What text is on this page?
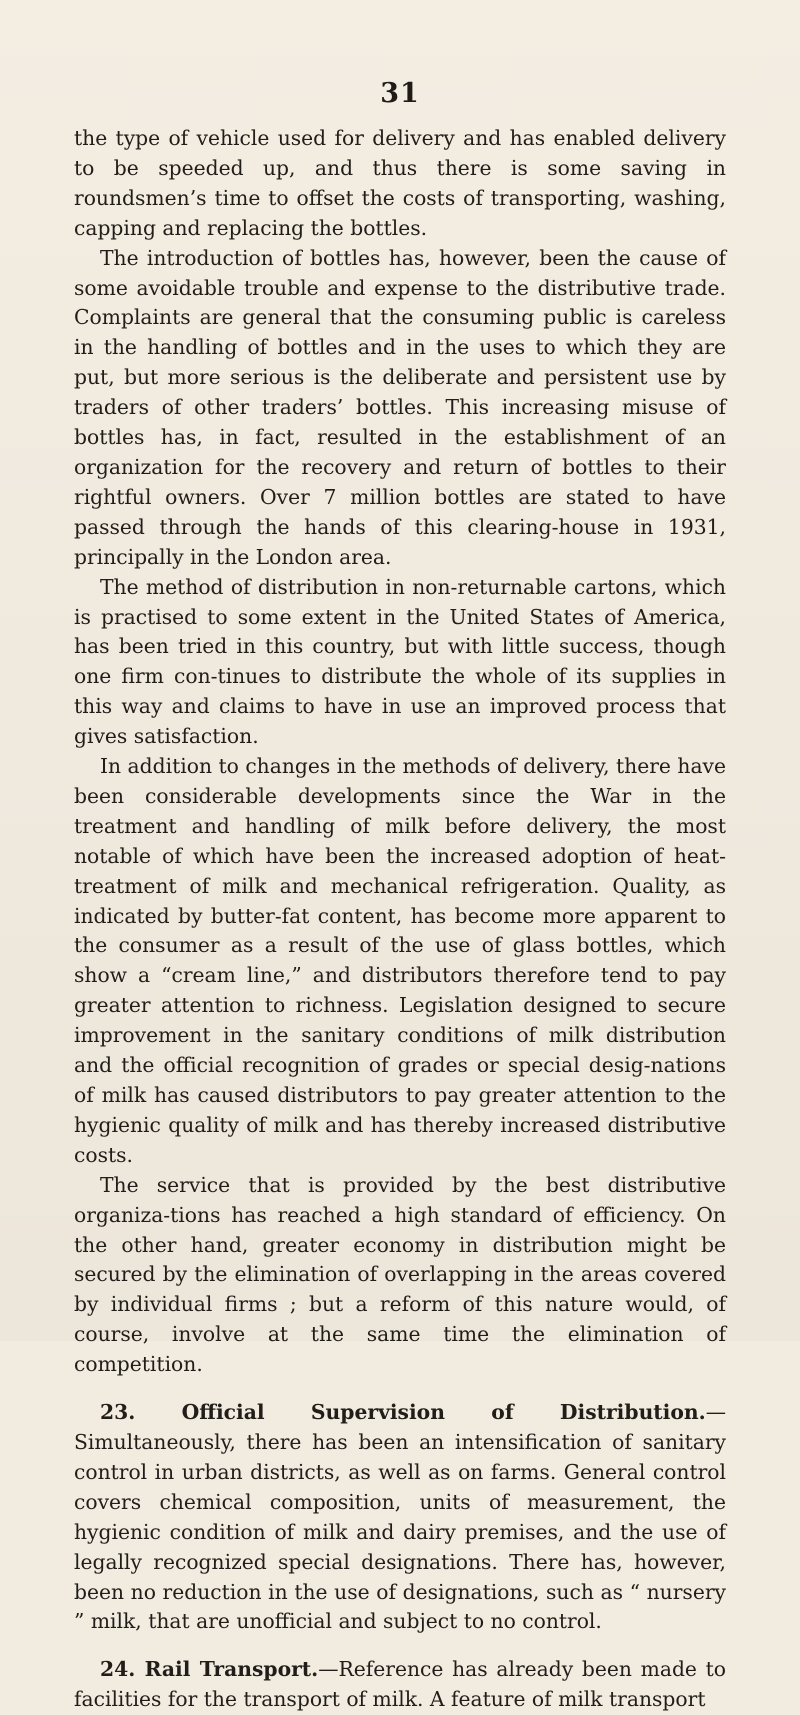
31

the type of vehicle used for delivery and has enabled delivery to be speeded up, and thus there is some saving in roundsmen’s time to offset the costs of transporting, washing, capping and replacing the bottles.

The introduction of bottles has, however, been the cause of some avoidable trouble and expense to the distributive trade. Complaints are general that the consuming public is careless in the handling of bottles and in the uses to which they are put, but more serious is the deliberate and persistent use by traders of other traders’ bottles. This increasing misuse of bottles has, in fact, resulted in the establishment of an organization for the recovery and return of bottles to their rightful owners. Over 7 million bottles are stated to have passed through the hands of this clearing-house in 1931, principally in the London area.

The method of distribution in non-returnable cartons, which is practised to some extent in the United States of America, has been tried in this country, but with little success, though one firm con-tinues to distribute the whole of its supplies in this way and claims to have in use an improved process that gives satisfaction.

In addition to changes in the methods of delivery, there have been considerable developments since the War in the treatment and handling of milk before delivery, the most notable of which have been the increased adoption of heat-treatment of milk and mechanical refrigeration. Quality, as indicated by butter-fat content, has become more apparent to the consumer as a result of the use of glass bottles, which show a “cream line,” and distributors therefore tend to pay greater attention to richness. Legislation designed to secure improvement in the sanitary conditions of milk distribution and the official recognition of grades or special desig-nations of milk has caused distributors to pay greater attention to the hygienic quality of milk and has thereby increased distributive costs.

The service that is provided by the best distributive organiza-tions has reached a high standard of efficiency. On the other hand, greater economy in distribution might be secured by the elimination of overlapping in the areas covered by individual firms ; but a reform of this nature would, of course, involve at the same time the elimination of competition.

23. Official Supervision of Distribution.—Simultaneously, there has been an intensification of sanitary control in urban districts, as well as on farms. General control covers chemical composition, units of measurement, the hygienic condition of milk and dairy premises, and the use of legally recognized special designations. There has, however, been no reduction in the use of designations, such as “ nursery ” milk, that are unofficial and subject to no control.

24. Rail Transport.—Reference has already been made to facilities for the transport of milk. A feature of milk transport
